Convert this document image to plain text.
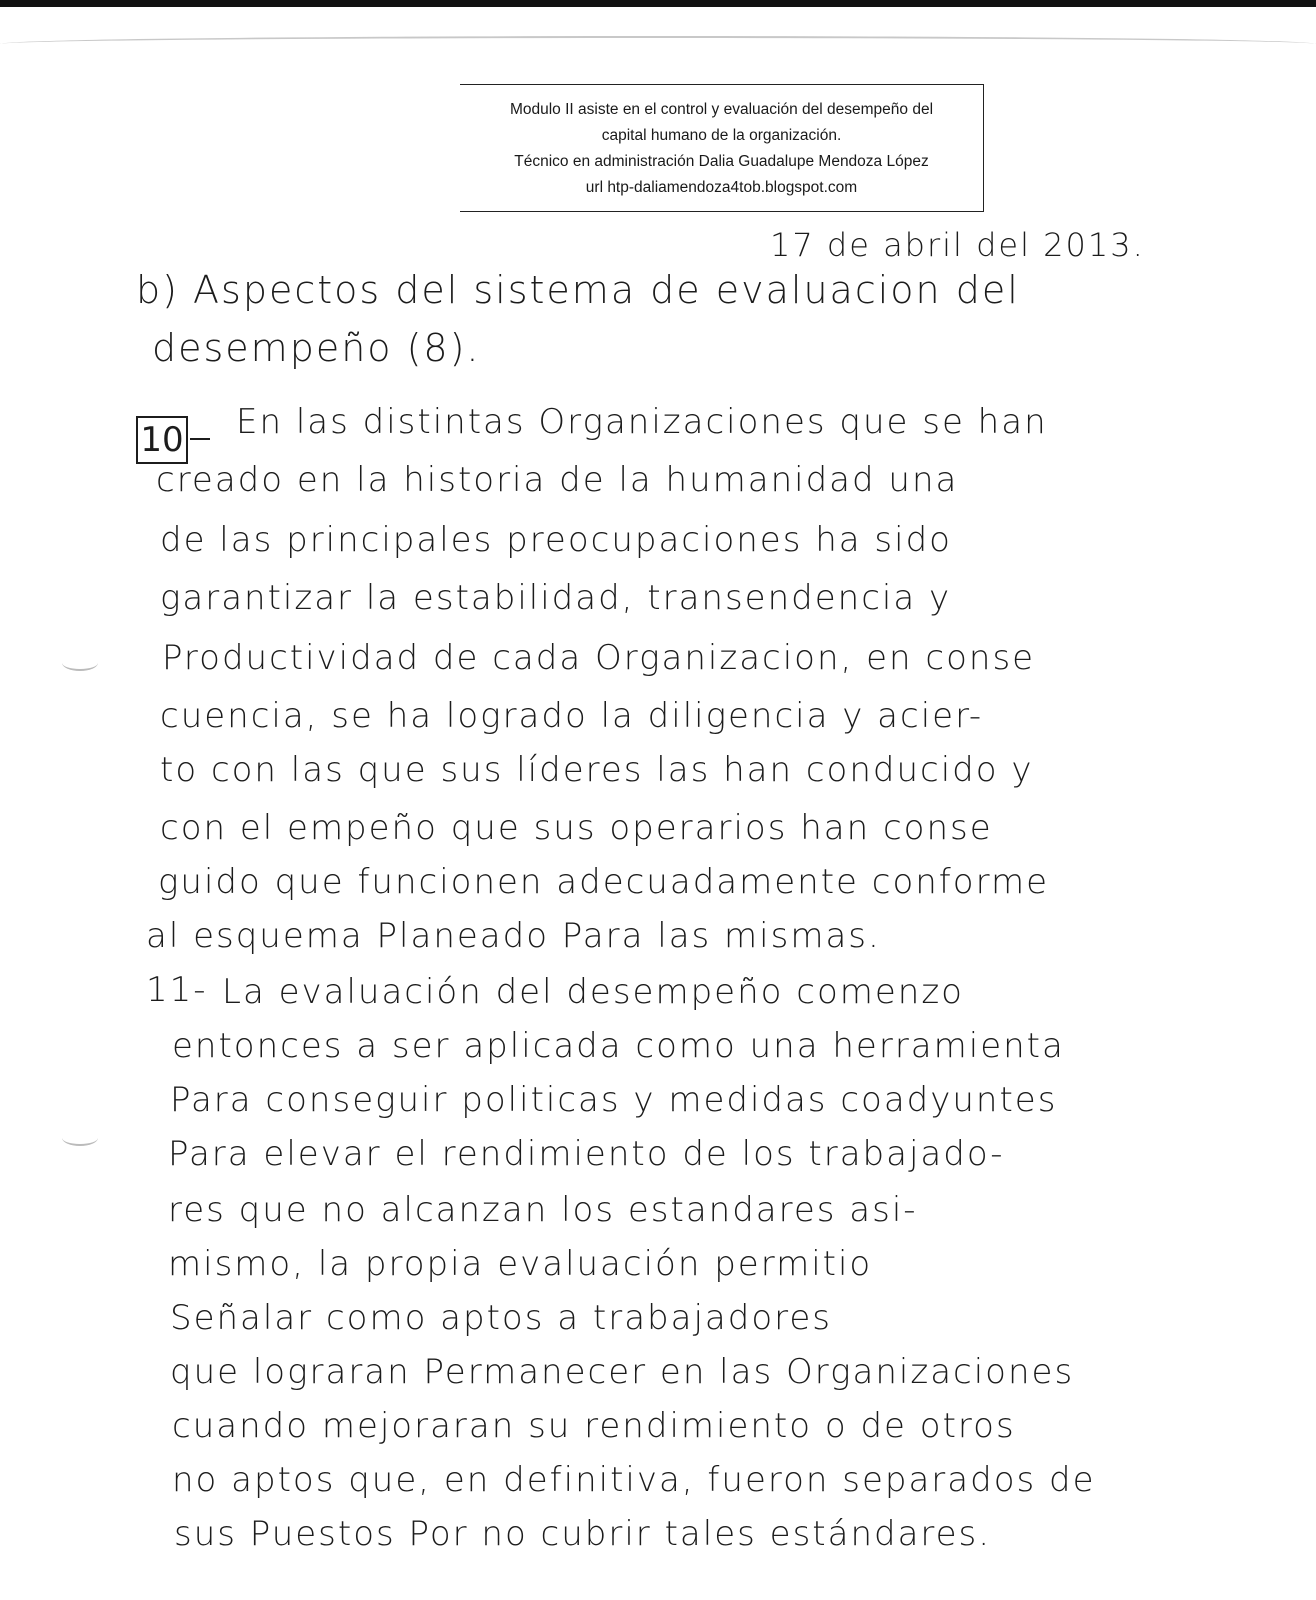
Modulo II asiste en el control y evaluación del desempeño del
capital humano de la organización.
Técnico en administración Dalia Guadalupe Mendoza López
url htp-daliamendoza4tob.blogspot.com
17 de abril del 2013.
b) Aspectos del sistema de evaluacion del
desempeño (8).
10 En las distintas Organizaciones que se han
creado en la historia de la humanidad una
de las principales preocupaciones ha sido
garantizar la estabilidad, transendencia y
Productividad de cada Organizacion, en conse
cuencia, se ha logrado la diligencia y acier-
to con las que sus líderes las han conducido y
con el empeño que sus operarios han conse
guido que funcionen adecuadamente conforme
al esquema Planeado Para las mismas.
11- La evaluación del desempeño comenzo
entonces a ser aplicada como una herramienta
Para conseguir politicas y medidas coadyuntes
Para elevar el rendimiento de los trabajado-
res que no alcanzan los estandares asi-
mismo, la propia evaluación permitio
Señalar como aptos a trabajadores
que lograran Permanecer en las Organizaciones
cuando mejoraran su rendimiento o de otros
no aptos que, en definitiva, fueron separados de
sus Puestos Por no cubrir tales estándares.
